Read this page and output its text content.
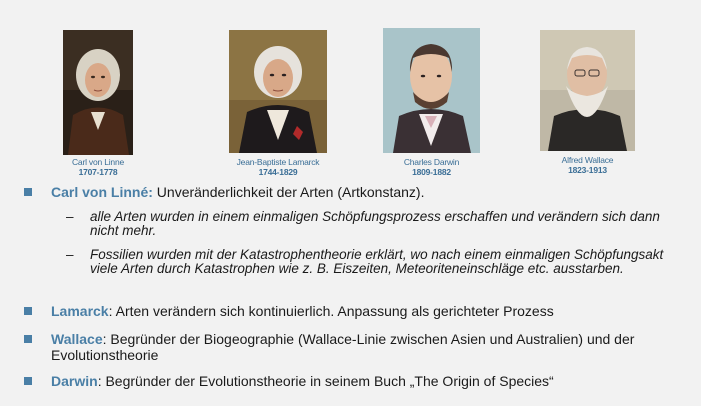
Carl von Linne
1707-1778
Jean-Baptiste Lamarck
1744-1829
Charles Darwin
1809-1882
Alfred Wallace
1823-1913
Carl von Linné: Unveränderlichkeit der Arten (Artkonstanz).
– alle Arten wurden in einem einmaligen Schöpfungsprozess erschaffen und verändern sich dann nicht mehr.
– Fossilien wurden mit der Katastrophentheorie erklärt, wo nach einem einmaligen Schöpfungsakt viele Arten durch Katastrophen wie z. B. Eiszeiten, Meteoriteneinschläge etc. ausstarben.
Lamarck: Arten verändern sich kontinuierlich. Anpassung als gerichteter Prozess
Wallace: Begründer der Biogeographie (Wallace-Linie zwischen Asien und Australien) und der Evolutionstheorie
Darwin: Begründer der Evolutionstheorie in seinem Buch „The Origin of Species“
